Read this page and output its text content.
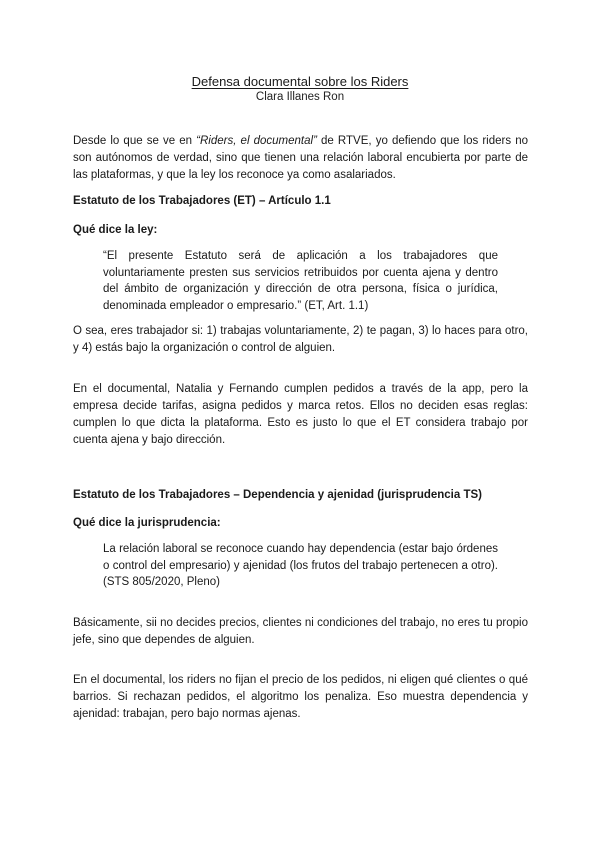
Defensa documental sobre los Riders
Clara Illanes Ron

Desde lo que se ve en “Riders, el documental” de RTVE, yo defiendo que los riders no son autónomos de verdad, sino que tienen una relación laboral encubierta por parte de las plataformas, y que la ley los reconoce ya como asalariados.

Estatuto de los Trabajadores (ET) – Artículo 1.1

Qué dice la ley:

“El presente Estatuto será de aplicación a los trabajadores que voluntariamente presten sus servicios retribuidos por cuenta ajena y dentro del ámbito de organización y dirección de otra persona, física o jurídica, denominada empleador o empresario.” (ET, Art. 1.1)

O sea, eres trabajador si: 1) trabajas voluntariamente, 2) te pagan, 3) lo haces para otro, y 4) estás bajo la organización o control de alguien.

En el documental, Natalia y Fernando cumplen pedidos a través de la app, pero la empresa decide tarifas, asigna pedidos y marca retos. Ellos no deciden esas reglas: cumplen lo que dicta la plataforma. Esto es justo lo que el ET considera trabajo por cuenta ajena y bajo dirección.

Estatuto de los Trabajadores – Dependencia y ajenidad (jurisprudencia TS)

Qué dice la jurisprudencia:

La relación laboral se reconoce cuando hay dependencia (estar bajo órdenes o control del empresario) y ajenidad (los frutos del trabajo pertenecen a otro). (STS 805/2020, Pleno)

Básicamente, sii no decides precios, clientes ni condiciones del trabajo, no eres tu propio jefe, sino que dependes de alguien.

En el documental, los riders no fijan el precio de los pedidos, ni eligen qué clientes o qué barrios. Si rechazan pedidos, el algoritmo los penaliza. Eso muestra dependencia y ajenidad: trabajan, pero bajo normas ajenas.
